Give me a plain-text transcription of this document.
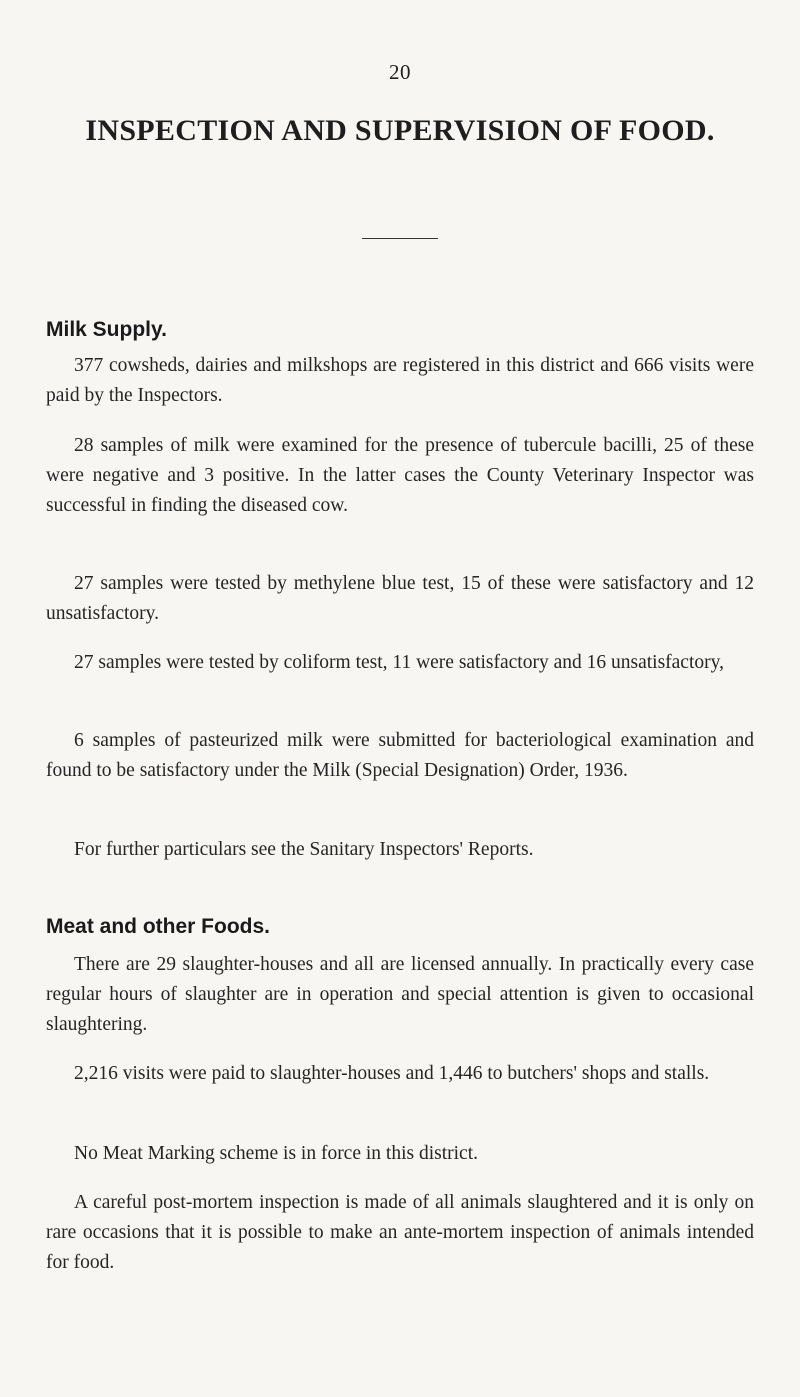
20
INSPECTION AND SUPERVISION OF FOOD.
Milk Supply.

377 cowsheds, dairies and milkshops are registered in this district and 666 visits were paid by the Inspectors.

28 samples of milk were examined for the presence of tubercule bacilli, 25 of these were negative and 3 positive. In the latter cases the County Veterinary Inspector was successful in finding the diseased cow.

27 samples were tested by methylene blue test, 15 of these were satisfactory and 12 unsatisfactory.

27 samples were tested by coliform test, 11 were satisfactory and 16 unsatisfactory,

6 samples of pasteurized milk were submitted for bacteriological examination and found to be satisfactory under the Milk (Special Designation) Order, 1936.

For further particulars see the Sanitary Inspectors' Reports.

Meat and other Foods.

There are 29 slaughter-houses and all are licensed annually. In practically every case regular hours of slaughter are in operation and special attention is given to occasional slaughtering.

2,216 visits were paid to slaughter-houses and 1,446 to butchers' shops and stalls.

No Meat Marking scheme is in force in this district.

A careful post-mortem inspection is made of all animals slaughtered and it is only on rare occasions that it is possible to make an ante-mortem inspection of animals intended for food.
